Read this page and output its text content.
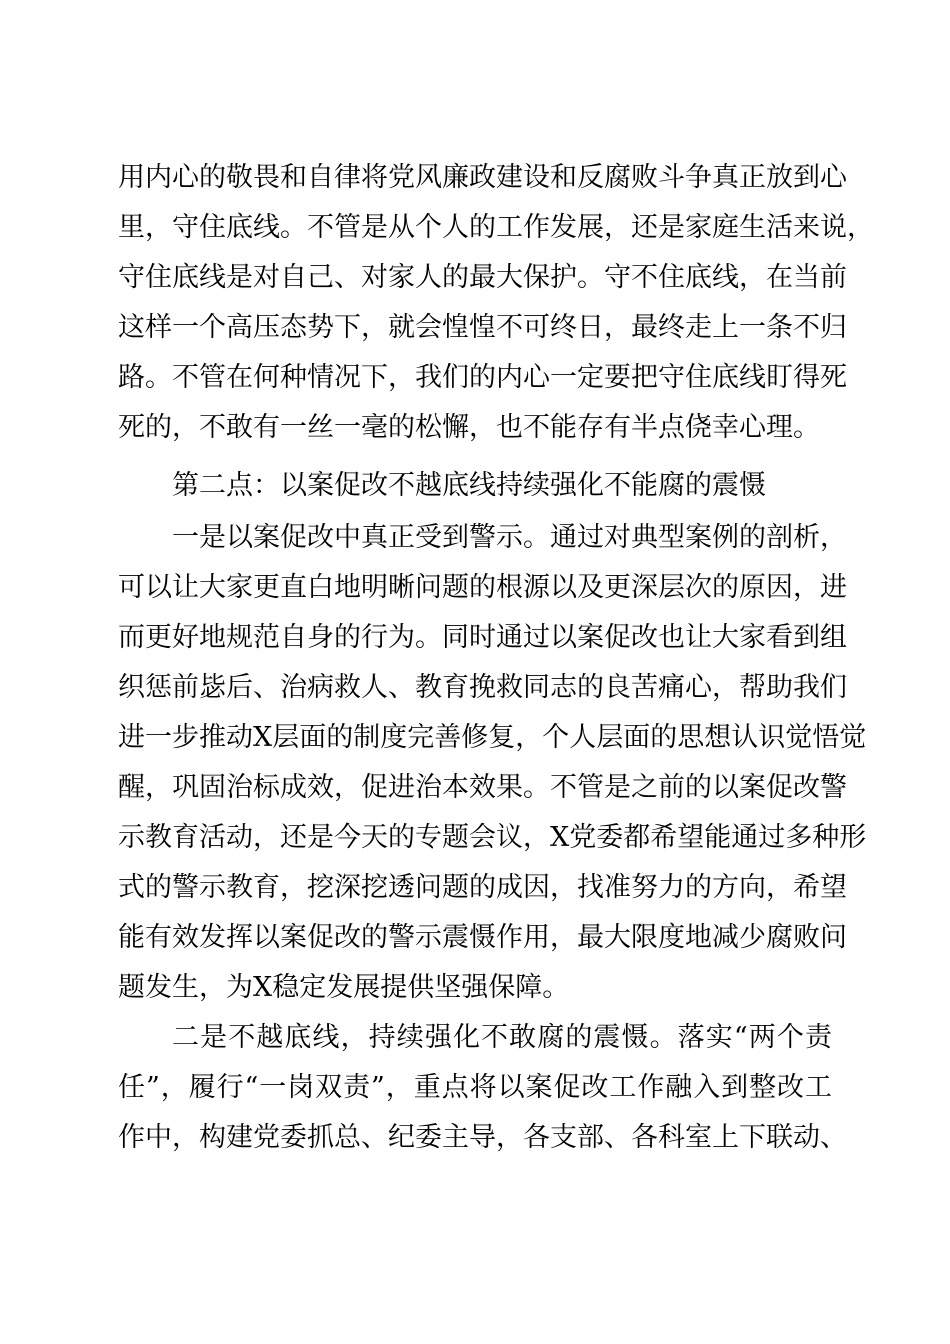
用内心的敬畏和自律将党风廉政建设和反腐败斗争真正放到心
里，守住底线。不管是从个人的工作发展，还是家庭生活来说，
守住底线是对自己、对家人的最大保护。守不住底线，在当前
这样一个高压态势下，就会惶惶不可终日，最终走上一条不归
路。不管在何种情况下，我们的内心一定要把守住底线盯得死
死的，不敢有一丝一毫的松懈，也不能存有半点侥幸心理。
第二点：以案促改不越底线持续强化不能腐的震慑
一是以案促改中真正受到警示。通过对典型案例的剖析，
可以让大家更直白地明晰问题的根源以及更深层次的原因，进
而更好地规范自身的行为。同时通过以案促改也让大家看到组
织惩前毖后、治病救人、教育挽救同志的良苦痛心，帮助我们
进一步推动X层面的制度完善修复，个人层面的思想认识觉悟觉
醒，巩固治标成效，促进治本效果。不管是之前的以案促改警
示教育活动，还是今天的专题会议，X党委都希望能通过多种形
式的警示教育，挖深挖透问题的成因，找准努力的方向，希望
能有效发挥以案促改的警示震慑作用，最大限度地减少腐败问
题发生，为X稳定发展提供坚强保障。
二是不越底线，持续强化不敢腐的震慑。落实“两个责
任”，履行“一岗双责”，重点将以案促改工作融入到整改工
作中，构建党委抓总、纪委主导，各支部、各科室上下联动、
